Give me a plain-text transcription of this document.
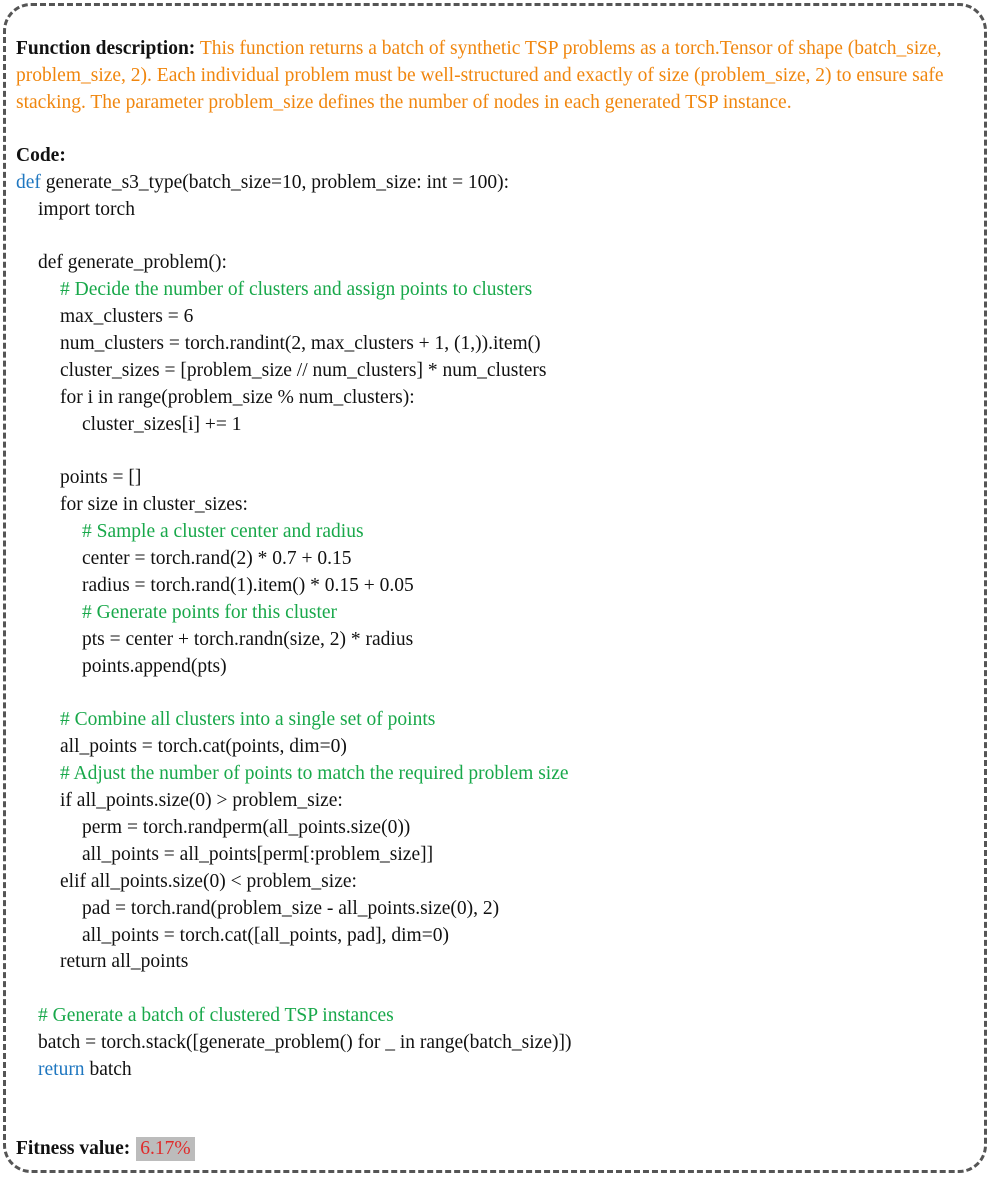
Function description: This function returns a batch of synthetic TSP problems as a torch.Tensor of shape (batch_size, problem_size, 2). Each individual problem must be well-structured and exactly of size (problem_size, 2) to ensure safe stacking. The parameter problem_size defines the number of nodes in each generated TSP instance.

Code:
def generate_s3_type(batch_size=10, problem_size: int = 100):
import torch
def generate_problem():
# Decide the number of clusters and assign points to clusters
max_clusters = 6
num_clusters = torch.randint(2, max_clusters + 1, (1,)).item()
cluster_sizes = [problem_size // num_clusters] * num_clusters
for i in range(problem_size % num_clusters):
cluster_sizes[i] += 1
points = []
for size in cluster_sizes:
# Sample a cluster center and radius
center = torch.rand(2) * 0.7 + 0.15
radius = torch.rand(1).item() * 0.15 + 0.05
# Generate points for this cluster
pts = center + torch.randn(size, 2) * radius
points.append(pts)
# Combine all clusters into a single set of points
all_points = torch.cat(points, dim=0)
# Adjust the number of points to match the required problem size
if all_points.size(0) > problem_size:
perm = torch.randperm(all_points.size(0))
all_points = all_points[perm[:problem_size]]
elif all_points.size(0) < problem_size:
pad = torch.rand(problem_size - all_points.size(0), 2)
all_points = torch.cat([all_points, pad], dim=0)
return all_points
# Generate a batch of clustered TSP instances
batch = torch.stack([generate_problem() for _ in range(batch_size)])
return batch
Fitness value: 6.17%
